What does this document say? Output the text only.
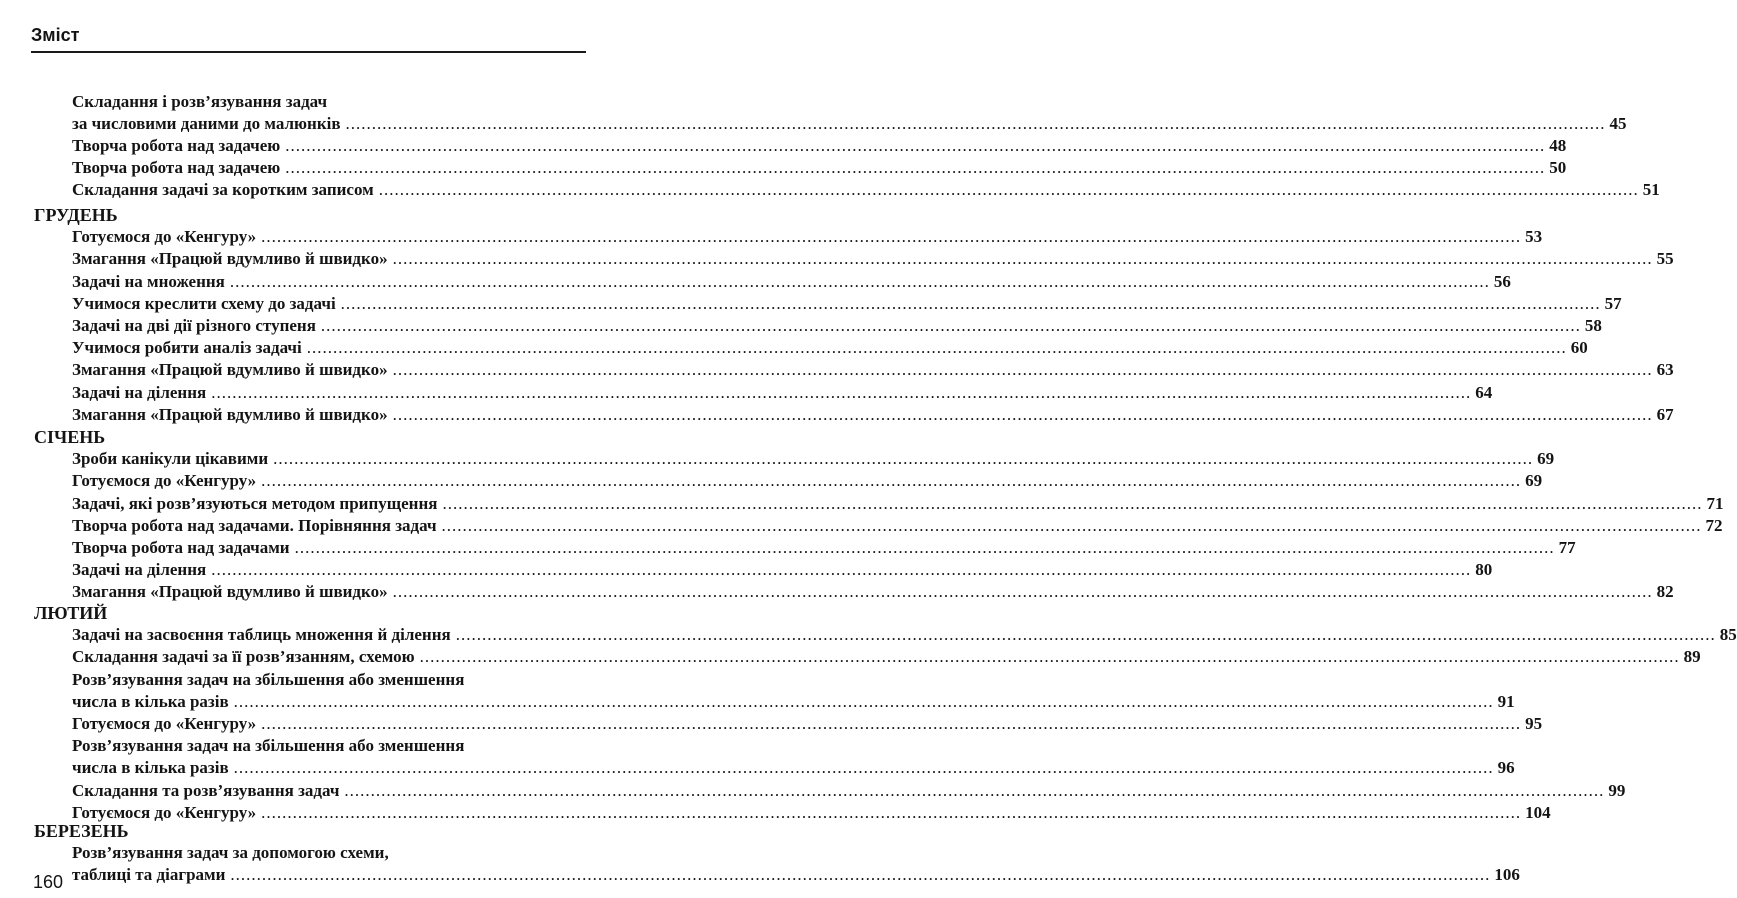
Зміст
Складання і розв’язування задач
за числовими даними до малюнків ................................................................................................................................................................................................................................................ 45
Творча робота над задачею ................................................................................................................................................................................................................................................ 48
Творча робота над задачею ................................................................................................................................................................................................................................................ 50
Складання задачі за коротким записом ................................................................................................................................................................................................................................................ 51
ГРУДЕНЬ
Готуємося до «Кенгуру» ................................................................................................................................................................................................................................................ 53
Змагання «Працюй вдумливо й швидко» ................................................................................................................................................................................................................................................ 55
Задачі на множення ................................................................................................................................................................................................................................................ 56
Учимося креслити схему до задачі ................................................................................................................................................................................................................................................ 57
Задачі на дві дії різного ступеня ................................................................................................................................................................................................................................................ 58
Учимося робити аналіз задачі ................................................................................................................................................................................................................................................ 60
Змагання «Працюй вдумливо й швидко» ................................................................................................................................................................................................................................................ 63
Задачі на ділення ................................................................................................................................................................................................................................................ 64
Змагання «Працюй вдумливо й швидко» ................................................................................................................................................................................................................................................ 67
СІЧЕНЬ
Зроби канікули цікавими ................................................................................................................................................................................................................................................ 69
Готуємося до «Кенгуру» ................................................................................................................................................................................................................................................ 69
Задачі, які розв’язуються методом припущення ................................................................................................................................................................................................................................................ 71
Творча робота над задачами. Порівняння задач ................................................................................................................................................................................................................................................ 72
Творча робота над задачами ................................................................................................................................................................................................................................................ 77
Задачі на ділення ................................................................................................................................................................................................................................................ 80
Змагання «Працюй вдумливо й швидко» ................................................................................................................................................................................................................................................ 82
ЛЮТИЙ
Задачі на засвоєння таблиць множення й ділення ................................................................................................................................................................................................................................................ 85
Складання задачі за її розв’язанням, схемою ................................................................................................................................................................................................................................................ 89
Розв’язування задач на збільшення або зменшення
числа в кілька разів ................................................................................................................................................................................................................................................ 91
Готуємося до «Кенгуру» ................................................................................................................................................................................................................................................ 95
Розв’язування задач на збільшення або зменшення
числа в кілька разів ................................................................................................................................................................................................................................................ 96
Складання та розв’язування задач ................................................................................................................................................................................................................................................ 99
Готуємося до «Кенгуру» ................................................................................................................................................................................................................................................ 104
БЕРЕЗЕНЬ
Розв’язування задач за допомогою схеми,
таблиці та діаграми ................................................................................................................................................................................................................................................ 106
160
